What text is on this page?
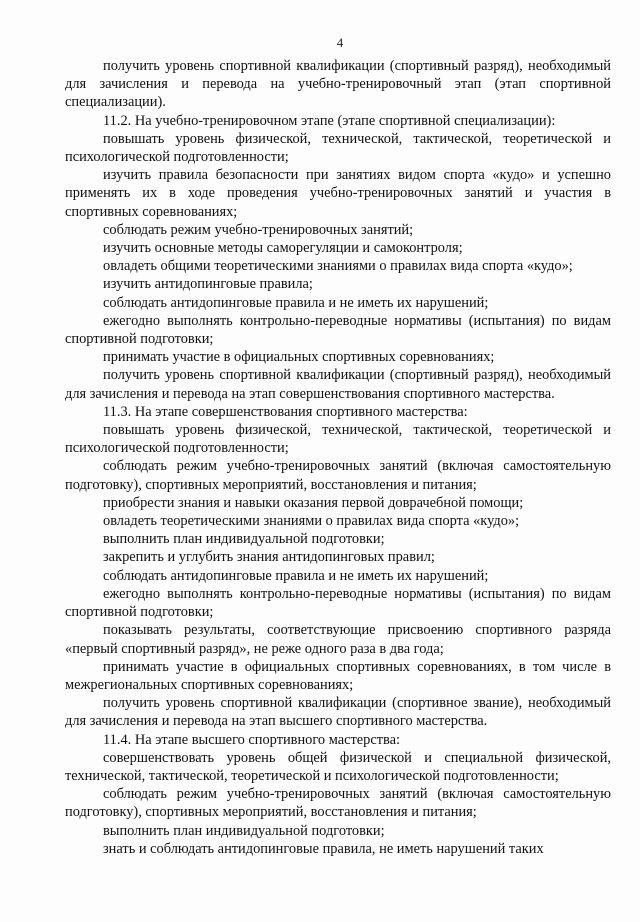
4

получить уровень спортивной квалификации (спортивный разряд), необходимый для зачисления и перевода на учебно-тренировочный этап (этап спортивной специализации).

11.2. На учебно-тренировочном этапе (этапе спортивной специализации):

повышать уровень физической, технической, тактической, теоретической и психологической подготовленности;

изучить правила безопасности при занятиях видом спорта «кудо» и успешно применять их в ходе проведения учебно-тренировочных занятий и участия в спортивных соревнованиях;

соблюдать режим учебно-тренировочных занятий;

изучить основные методы саморегуляции и самоконтроля;

овладеть общими теоретическими знаниями о правилах вида спорта «кудо»;

изучить антидопинговые правила;

соблюдать антидопинговые правила и не иметь их нарушений;

ежегодно выполнять контрольно-переводные нормативы (испытания) по видам спортивной подготовки;

принимать участие в официальных спортивных соревнованиях;

получить уровень спортивной квалификации (спортивный разряд), необходимый для зачисления и перевода на этап совершенствования спортивного мастерства.

11.3. На этапе совершенствования спортивного мастерства:

повышать уровень физической, технической, тактической, теоретической и психологической подготовленности;

соблюдать режим учебно-тренировочных занятий (включая самостоятельную подготовку), спортивных мероприятий, восстановления и питания;

приобрести знания и навыки оказания первой доврачебной помощи;

овладеть теоретическими знаниями о правилах вида спорта «кудо»;

выполнить план индивидуальной подготовки;

закрепить и углубить знания антидопинговых правил;

соблюдать антидопинговые правила и не иметь их нарушений;

ежегодно выполнять контрольно-переводные нормативы (испытания) по видам спортивной подготовки;

показывать результаты, соответствующие присвоению спортивного разряда «первый спортивный разряд», не реже одного раза в два года;

принимать участие в официальных спортивных соревнованиях, в том числе в межрегиональных спортивных соревнованиях;

получить уровень спортивной квалификации (спортивное звание), необходимый для зачисления и перевода на этап высшего спортивного мастерства.

11.4. На этапе высшего спортивного мастерства:

совершенствовать уровень общей физической и специальной физической, технической, тактической, теоретической и психологической подготовленности;

соблюдать режим учебно-тренировочных занятий (включая самостоятельную подготовку), спортивных мероприятий, восстановления и питания;

выполнить план индивидуальной подготовки;

знать и соблюдать антидопинговые правила, не иметь нарушений таких
